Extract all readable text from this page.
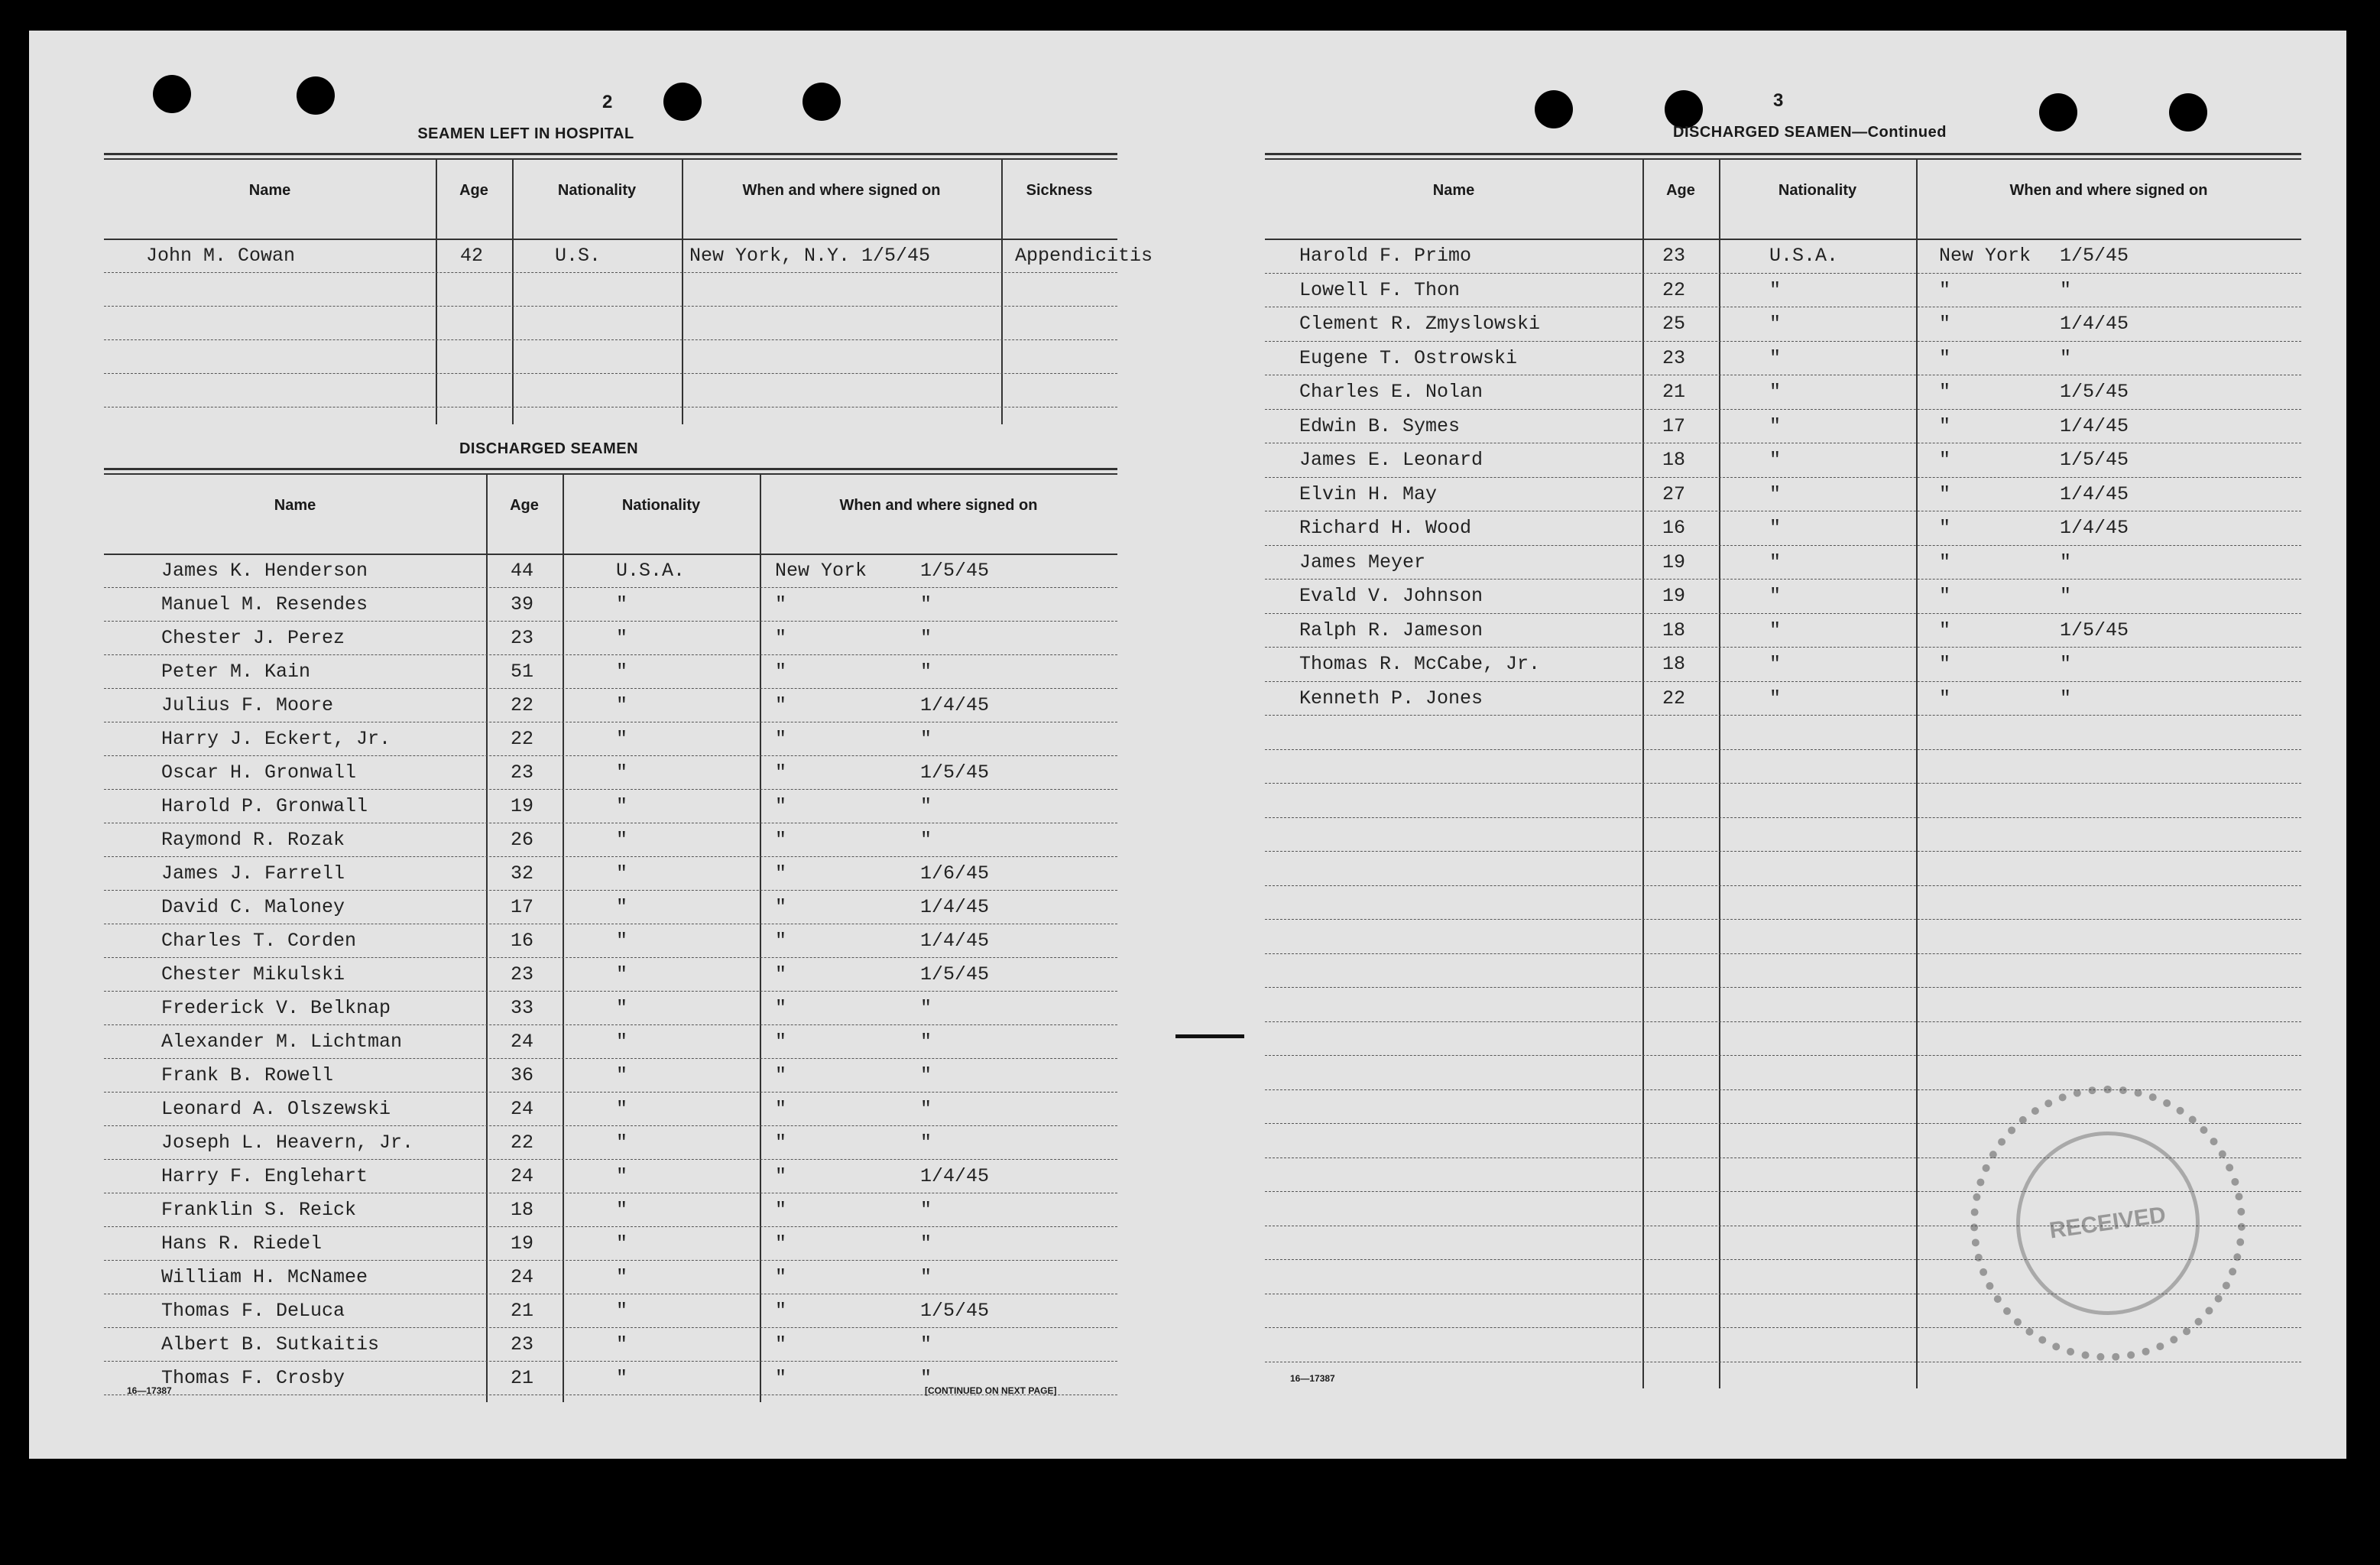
2
SEAMEN LEFT IN HOSPITAL
Name	Age	Nationality	When and where signed on	Sickness
John M. Cowan	42	U.S.	New York, N.Y. 1/5/45	Appendicitis
DISCHARGED SEAMEN
Name	Age	Nationality	When and where signed on
James K. Henderson	44	U.S.A.	New York	1/5/45
Manuel M. Resendes	39	"	"	"
Chester J. Perez	23	"	"	"
Peter M. Kain	51	"	"	"
Julius F. Moore	22	"	"	1/4/45
Harry J. Eckert, Jr.	22	"	"	"
Oscar H. Gronwall	23	"	"	1/5/45
Harold P. Gronwall	19	"	"	"
Raymond R. Rozak	26	"	"	"
James J. Farrell	32	"	"	1/6/45
David C. Maloney	17	"	"	1/4/45
Charles T. Corden	16	"	"	1/4/45
Chester Mikulski	23	"	"	1/5/45
Frederick V. Belknap	33	"	"	"
Alexander M. Lichtman	24	"	"	"
Frank B. Rowell	36	"	"	"
Leonard A. Olszewski	24	"	"	"
Joseph L. Heavern, Jr.	22	"	"	"
Harry F. Englehart	24	"	"	1/4/45
Franklin S. Reick	18	"	"	"
Hans R. Riedel	19	"	"	"
William H. McNamee	24	"	"	"
Thomas F. DeLuca	21	"	"	1/5/45
Albert B. Sutkaitis	23	"	"	"
Thomas F. Crosby	21	"	"	"
16—17387	[CONTINUED ON NEXT PAGE]
3
DISCHARGED SEAMEN—Continued
Name	Age	Nationality	When and where signed on
Harold F. Primo	23	U.S.A.	New York 1/5/45
Lowell F. Thon	22	"	"	"
Clement R. Zmyslowski	25	"	"	1/4/45
Eugene T. Ostrowski	23	"	"	"
Charles E. Nolan	21	"	"	1/5/45
Edwin B. Symes	17	"	"	1/4/45
James E. Leonard	18	"	"	1/5/45
Elvin H. May	27	"	"	1/4/45
Richard H. Wood	16	"	"	1/4/45
James Meyer	19	"	"	"
Evald V. Johnson	19	"	"	"
Ralph R. Jameson	18	"	"	1/5/45
Thomas R. McCabe, Jr.	18	"	"	"
Kenneth P. Jones	22	"	"	"
16—17387
RECEIVED
